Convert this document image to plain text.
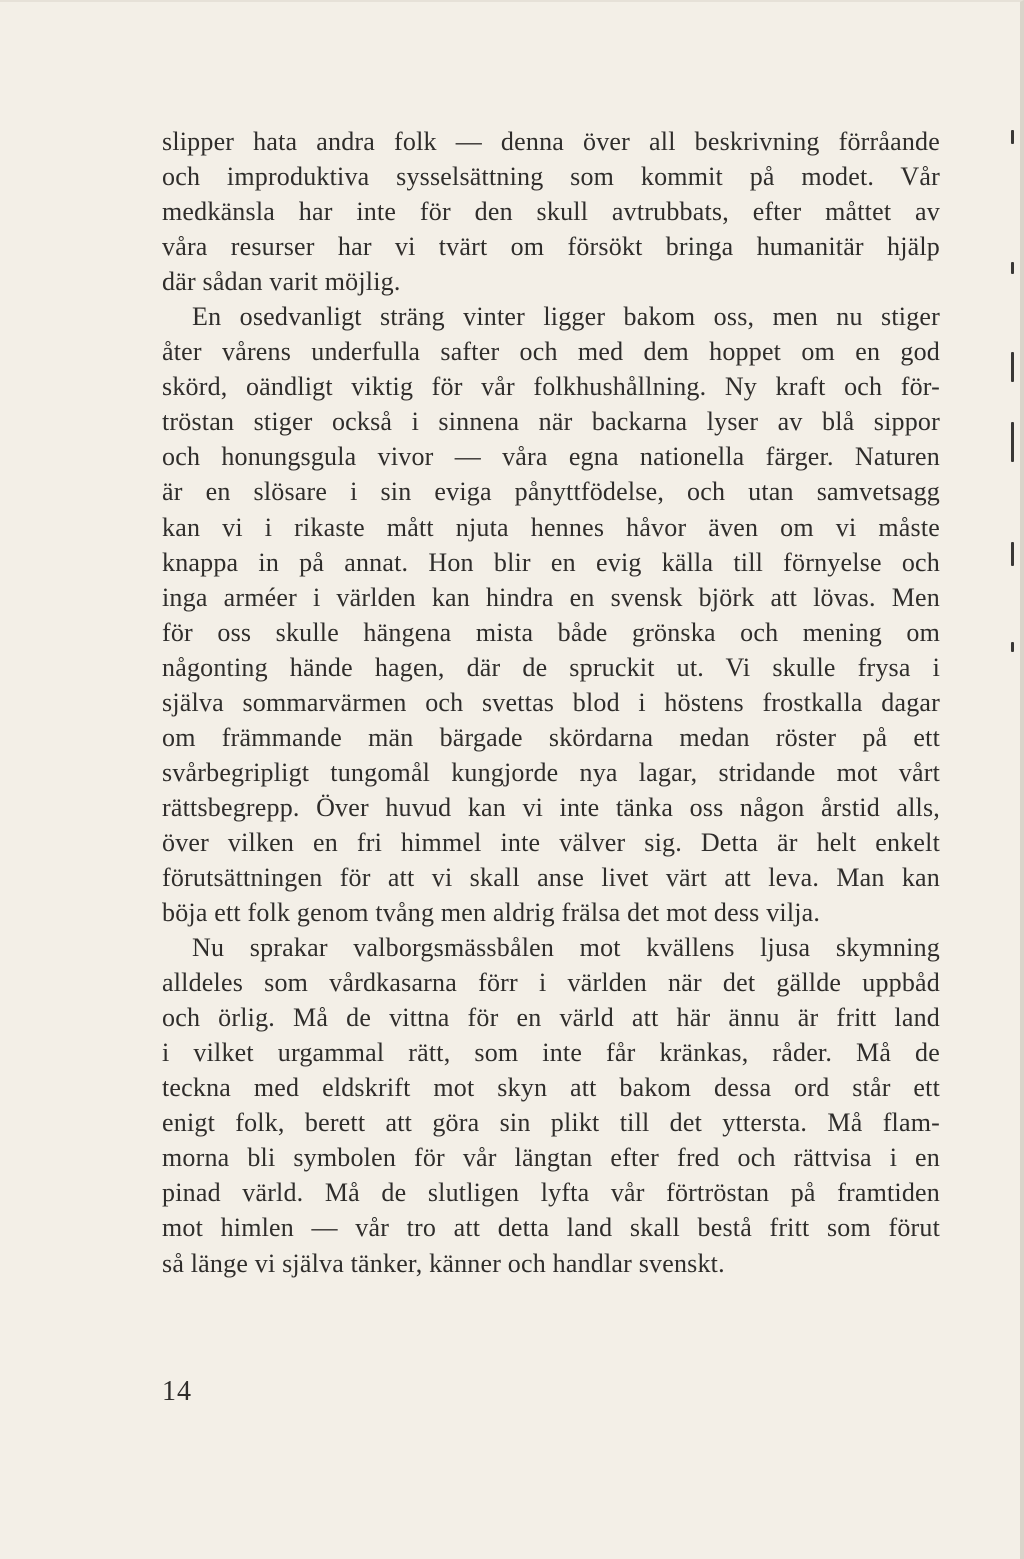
slipper hata andra folk — denna över all beskrivning förråande
och improduktiva sysselsättning som kommit på modet. Vår
medkänsla har inte för den skull avtrubbats, efter måttet av
våra resurser har vi tvärt om försökt bringa humanitär hjälp
där sådan varit möjlig.
En osedvanligt sträng vinter ligger bakom oss, men nu stiger
åter vårens underfulla safter och med dem hoppet om en god
skörd, oändligt viktig för vår folkhushållning. Ny kraft och för-
tröstan stiger också i sinnena när backarna lyser av blå sippor
och honungsgula vivor — våra egna nationella färger. Naturen
är en slösare i sin eviga pånyttfödelse, och utan samvetsagg
kan vi i rikaste mått njuta hennes håvor även om vi måste
knappa in på annat. Hon blir en evig källa till förnyelse och
inga arméer i världen kan hindra en svensk björk att lövas. Men
för oss skulle hängena mista både grönska och mening om
någonting hände hagen, där de spruckit ut. Vi skulle frysa i
själva sommarvärmen och svettas blod i höstens frostkalla dagar
om främmande män bärgade skördarna medan röster på ett
svårbegripligt tungomål kungjorde nya lagar, stridande mot vårt
rättsbegrepp. Över huvud kan vi inte tänka oss någon årstid alls,
över vilken en fri himmel inte välver sig. Detta är helt enkelt
förutsättningen för att vi skall anse livet värt att leva. Man kan
böja ett folk genom tvång men aldrig frälsa det mot dess vilja.
Nu sprakar valborgsmässbålen mot kvällens ljusa skymning
alldeles som vårdkasarna förr i världen när det gällde uppbåd
och örlig. Må de vittna för en värld att här ännu är fritt land
i vilket urgammal rätt, som inte får kränkas, råder. Må de
teckna med eldskrift mot skyn att bakom dessa ord står ett
enigt folk, berett att göra sin plikt till det yttersta. Må flam-
morna bli symbolen för vår längtan efter fred och rättvisa i en
pinad värld. Må de slutligen lyfta vår förtröstan på framtiden
mot himlen — vår tro att detta land skall bestå fritt som förut
så länge vi själva tänker, känner och handlar svenskt.
14
